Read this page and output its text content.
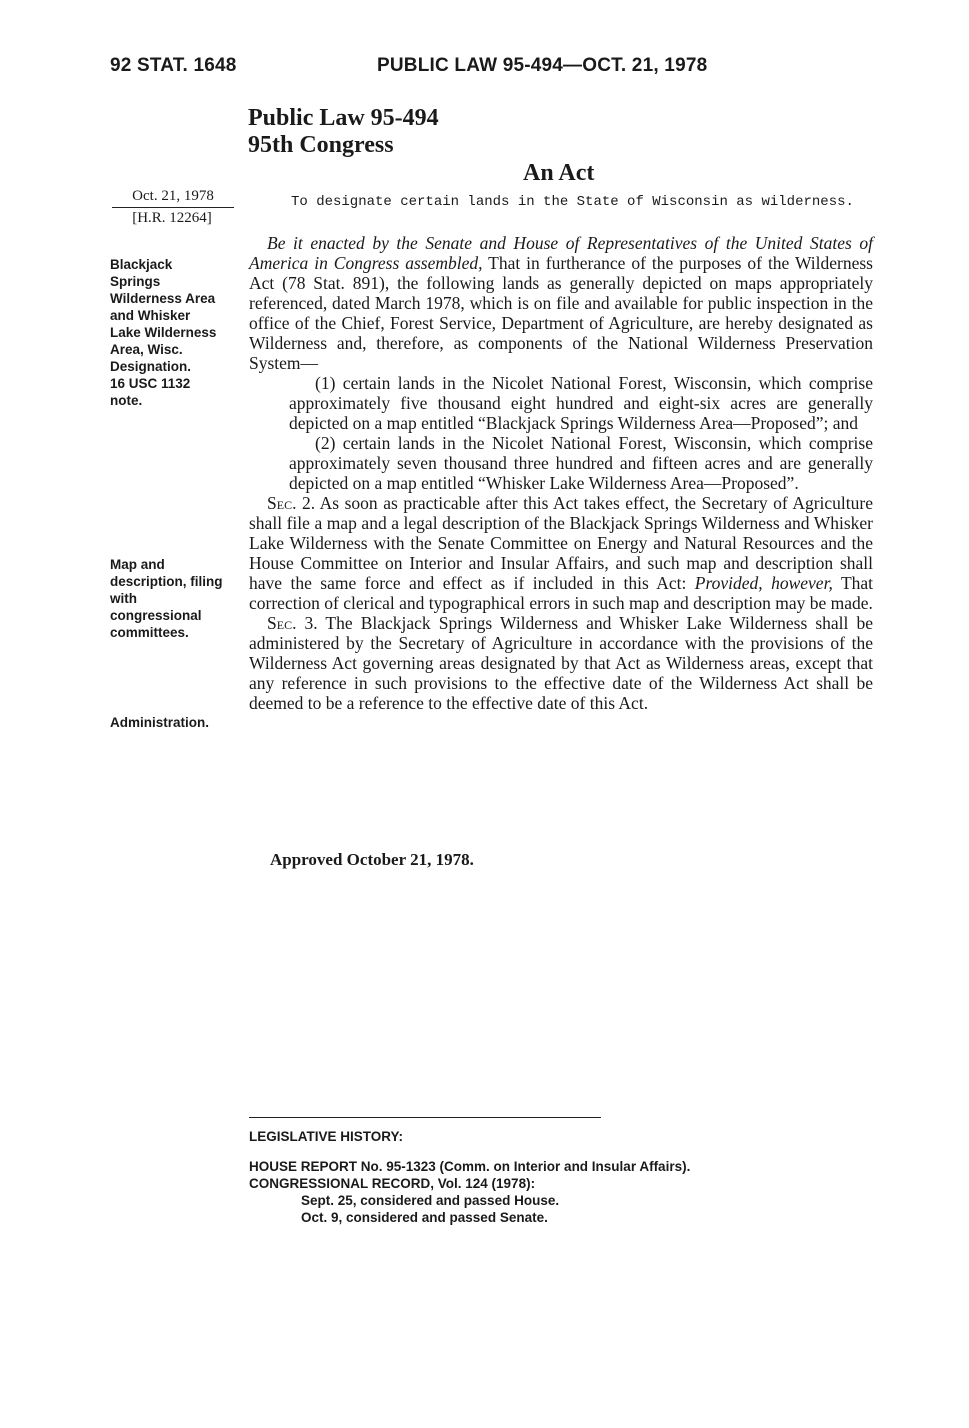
92 STAT. 1648	PUBLIC LAW 95-494—OCT. 21, 1978
Public Law 95-494
95th Congress
An Act
Oct. 21, 1978
[H.R. 12264]
To designate certain lands in the State of Wisconsin as wilderness.
Blackjack
Springs
Wilderness Area
and Whisker
Lake Wilderness
Area, Wisc.
Designation.
16 USC 1132
note.
Map and
description, filing
with
congressional
committees.
Administration.

Be it enacted by the Senate and House of Representatives of the United States of America in Congress assembled, That in furtherance of the purposes of the Wilderness Act (78 Stat. 891), the following lands as generally depicted on maps appropriately referenced, dated March 1978, which is on file and available for public inspection in the office of the Chief, Forest Service, Department of Agriculture, are hereby designated as Wilderness and, therefore, as components of the National Wilderness Preservation System—

(1) certain lands in the Nicolet National Forest, Wisconsin, which comprise approximately five thousand eight hundred and eight-six acres are generally depicted on a map entitled “Blackjack Springs Wilderness Area—Proposed”; and

(2) certain lands in the Nicolet National Forest, Wisconsin, which comprise approximately seven thousand three hundred and fifteen acres and are generally depicted on a map entitled “Whisker Lake Wilderness Area—Proposed”.

Sec. 2. As soon as practicable after this Act takes effect, the Secretary of Agriculture shall file a map and a legal description of the Blackjack Springs Wilderness and Whisker Lake Wilderness with the Senate Committee on Energy and Natural Resources and the House Committee on Interior and Insular Affairs, and such map and description shall have the same force and effect as if included in this Act: Provided, however, That correction of clerical and typographical errors in such map and description may be made.

Sec. 3. The Blackjack Springs Wilderness and Whisker Lake Wilderness shall be administered by the Secretary of Agriculture in accordance with the provisions of the Wilderness Act governing areas designated by that Act as Wilderness areas, except that any reference in such provisions to the effective date of the Wilderness Act shall be deemed to be a reference to the effective date of this Act.

Approved October 21, 1978.
LEGISLATIVE HISTORY:
HOUSE REPORT No. 95-1323 (Comm. on Interior and Insular Affairs).
CONGRESSIONAL RECORD, Vol. 124 (1978):
Sept. 25, considered and passed House.
Oct. 9, considered and passed Senate.
